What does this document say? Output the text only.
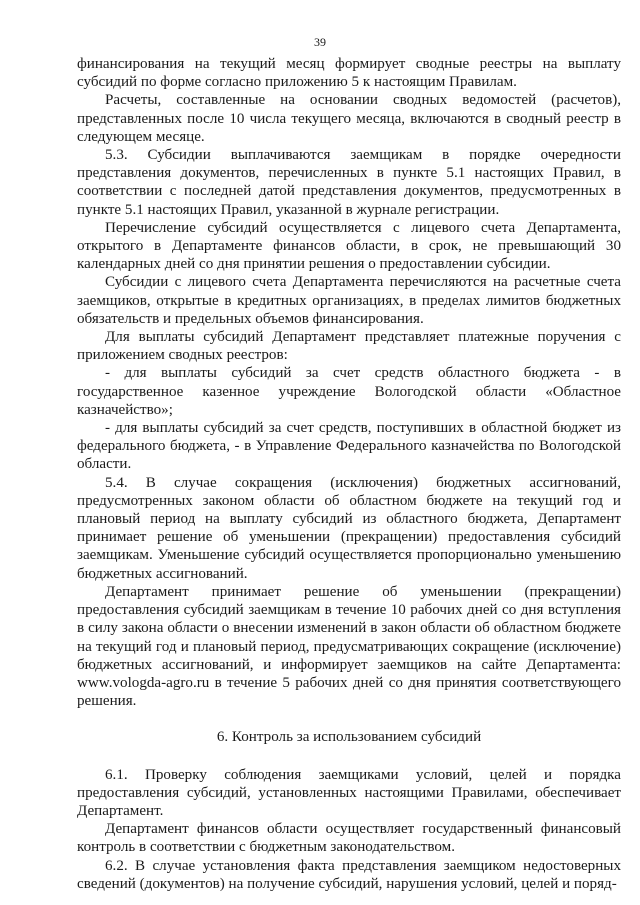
39

финансирования на текущий месяц формирует сводные реестры на выплату субсидий по форме согласно приложению 5 к настоящим Правилам.

Расчеты, составленные на основании сводных ведомостей (расчетов), представленных после 10 числа текущего месяца, включаются в сводный реестр в следующем месяце.

5.3. Субсидии выплачиваются заемщикам в порядке очередности представления документов, перечисленных в пункте 5.1 настоящих Правил, в соответствии с последней датой представления документов, предусмотренных в пункте 5.1 настоящих Правил, указанной в журнале регистрации.

Перечисление субсидий осуществляется с лицевого счета Департамента, открытого в Департаменте финансов области, в срок, не превышающий 30 календарных дней со дня принятии решения о предоставлении субсидии.

Субсидии с лицевого счета Департамента перечисляются на расчетные счета заемщиков, открытые в кредитных организациях, в пределах лимитов бюджетных обязательств и предельных объемов финансирования.

Для выплаты субсидий Департамент представляет платежные поручения с приложением сводных реестров:

- для выплаты субсидий за счет средств областного бюджета - в государственное казенное учреждение Вологодской области «Областное казначейство»;

- для выплаты субсидий за счет средств, поступивших в областной бюджет из федерального бюджета, - в Управление Федерального казначейства по Вологодской области.

5.4. В случае сокращения (исключения) бюджетных ассигнований, предусмотренных законом области об областном бюджете на текущий год и плановый период на выплату субсидий из областного бюджета, Департамент принимает решение об уменьшении (прекращении) предоставления субсидий заемщикам. Уменьшение субсидий осуществляется пропорционально уменьшению бюджетных ассигнований.

Департамент принимает решение об уменьшении (прекращении) предоставления субсидий заемщикам в течение 10 рабочих дней со дня вступления в силу закона области о внесении изменений в закон области об областном бюджете на текущий год и плановый период, предусматривающих сокращение (исключение) бюджетных ассигнований, и информирует заемщиков на сайте Департамента: www.vologda-agro.ru в течение 5 рабочих дней со дня принятия соответствующего решения.

6. Контроль за использованием субсидий

6.1. Проверку соблюдения заемщиками условий, целей и порядка предоставления субсидий, установленных настоящими Правилами, обеспечивает Департамент.

Департамент финансов области осуществляет государственный финансовый контроль в соответствии с бюджетным законодательством.

6.2. В случае установления факта представления заемщиком недостоверных сведений (документов) на получение субсидий, нарушения условий, целей и поряд-
